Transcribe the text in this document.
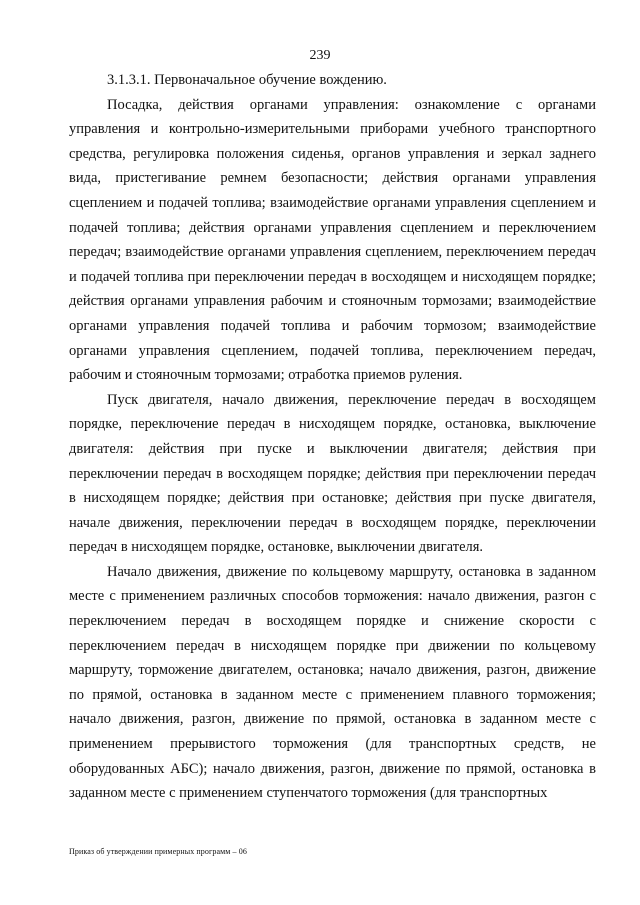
239

3.1.3.1. Первоначальное обучение вождению.

Посадка, действия органами управления: ознакомление с органами управления и контрольно-измерительными приборами учебного транспортного средства, регулировка положения сиденья, органов управления и зеркал заднего вида, пристегивание ремнем безопасности; действия органами управления сцеплением и подачей топлива; взаимодействие органами управления сцеплением и подачей топлива; действия органами управления сцеплением и переключением передач; взаимодействие органами управления сцеплением, переключением передач и подачей топлива при переключении передач в восходящем и нисходящем порядке; действия органами управления рабочим и стояночным тормозами; взаимодействие органами управления подачей топлива и рабочим тормозом; взаимодействие органами управления сцеплением, подачей топлива, переключением передач, рабочим и стояночным тормозами; отработка приемов руления.

Пуск двигателя, начало движения, переключение передач в восходящем порядке, переключение передач в нисходящем порядке, остановка, выключение двигателя: действия при пуске и выключении двигателя; действия при переключении передач в восходящем порядке; действия при переключении передач в нисходящем порядке; действия при остановке; действия при пуске двигателя, начале движения, переключении передач в восходящем порядке, переключении передач в нисходящем порядке, остановке, выключении двигателя.

Начало движения, движение по кольцевому маршруту, остановка в заданном месте с применением различных способов торможения: начало движения, разгон с переключением передач в восходящем порядке и снижение скорости с переключением передач в нисходящем порядке при движении по кольцевому маршруту, торможение двигателем, остановка; начало движения, разгон, движение по прямой, остановка в заданном месте с применением плавного торможения; начало движения, разгон, движение по прямой, остановка в заданном месте с применением прерывистого торможения (для транспортных средств, не оборудованных АБС); начало движения, разгон, движение по прямой, остановка в заданном месте с применением ступенчатого торможения (для транспортных

Приказ об утверждении примерных программ – 06
